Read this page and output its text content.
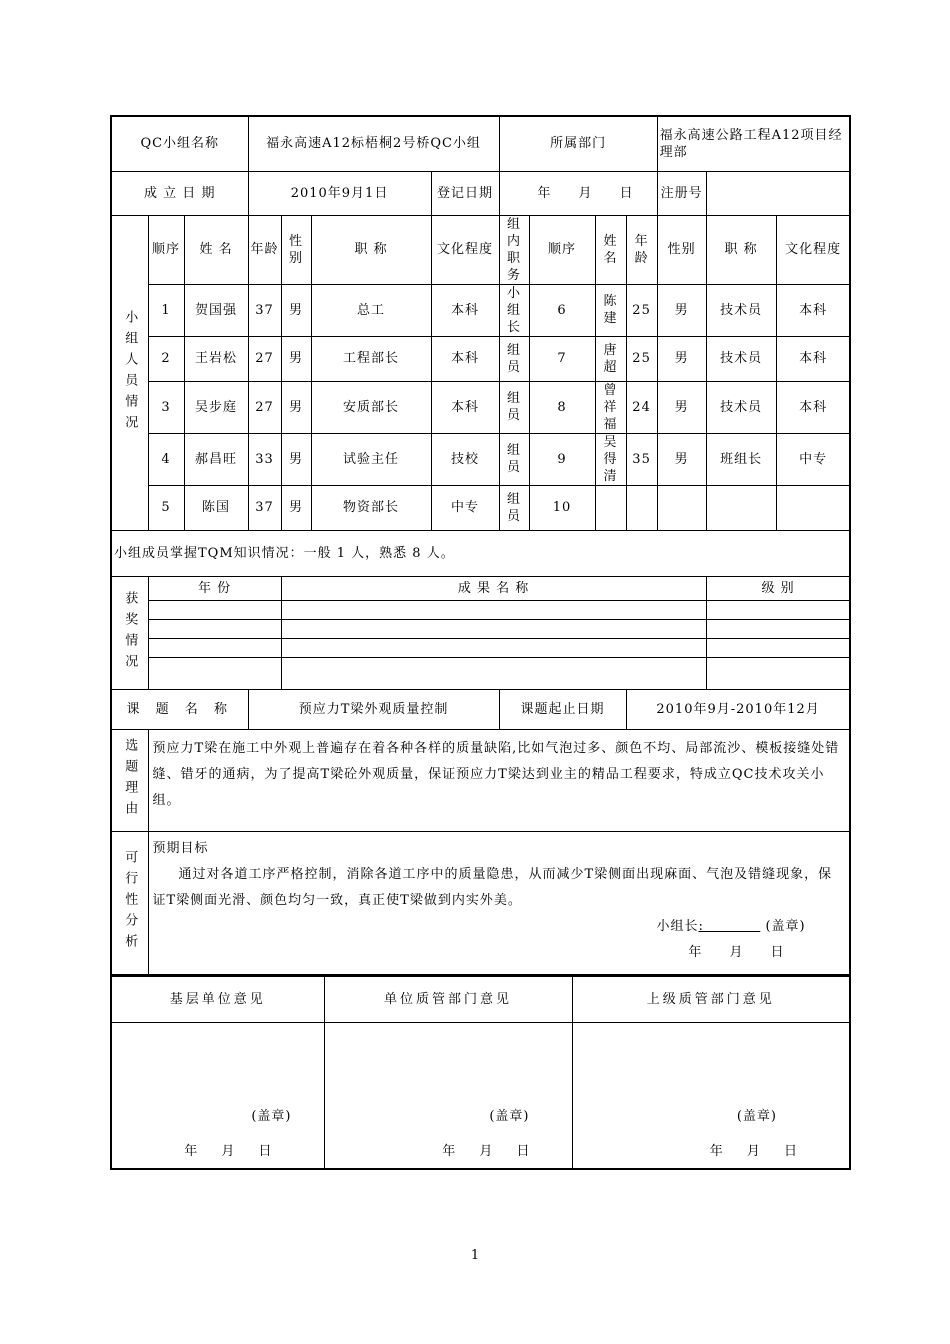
QC小组名称			福永高速A12标梧桐2号桥QC小组				所属部门				福永高速公路工程A12项目经理部			
成 立 日 期			2010年9月1日			登记日期	年 月 日				注册号			
小组人员情况	顺序	姓 名	年龄	性别	职 称	文化程度	组内职务	顺序	姓 名	年龄	性别	职 称	文化程度	
	1	贺国强	37	男	总工	本科	小组长	6	陈建	25	男	技术员	本科	
	2	王岩松	27	男	工程部长	本科	组员	7	唐超	25	男	技术员	本科	
	3	吴步庭	27	男	安质部长	本科	组员	8	曾祥福	24	男	技术员	本科	
	4	郝昌旺	33	男	试验主任	技校	组员	9	吴得清	35	男	班组长	中专	
	5	陈国	37	男	物资部长	中专	组员	10						
小组成员掌握TQM知识情况：一般 1 人，熟悉 8 人。														
获奖情况	年 份			成 果 名 称								级 别		

课 题 名 称			预应力T梁外观质量控制				课题起止日期			2010年9月-2010年12月				
选题理由	预应力T梁在施工中外观上普遍存在着各种各样的质量缺陷,比如气泡过多、颜色不均、局部流沙、模板接缝处错缝、错牙的通病，为了提高T梁砼外观质量，保证预应力T梁达到业主的精品工程要求，特成立QC技术攻关小组。													
可行性分析	预期目标
通过对各道工序严格控制，消除各道工序中的质量隐患，从而减少T梁侧面出现麻面、气泡及错缝现象，保证T梁侧面光滑、颜色均匀一致，真正使T梁做到内实外美。
小组长:            (盖章)
年 月 日													
基层单位意见	单位质管部门意见	上级质管部门意见

(盖章)
年 月 日	(盖章)
年 月 日	(盖章)
年 月 日
1
